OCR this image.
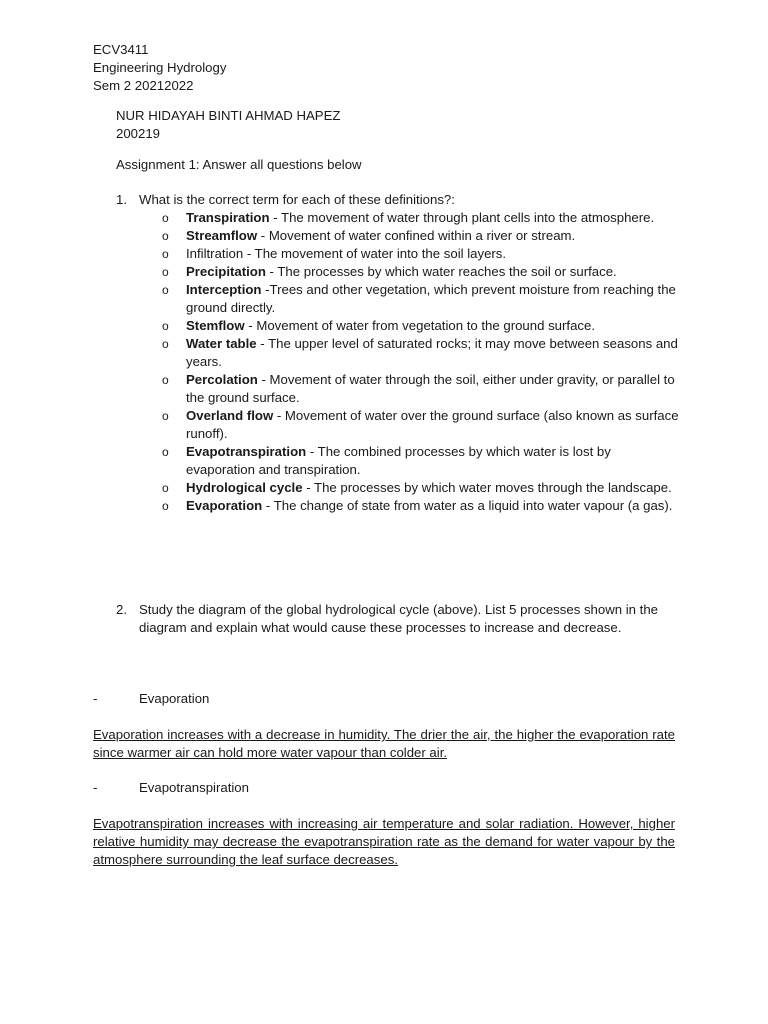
ECV3411
Engineering Hydrology
Sem 2 20212022
NUR HIDAYAH BINTI AHMAD HAPEZ
200219
Assignment 1: Answer all questions below
1. What is the correct term for each of these definitions?:
o Transpiration - The movement of water through plant cells into the atmosphere.
o Streamflow - Movement of water confined within a river or stream.
o Infiltration - The movement of water into the soil layers.
o Precipitation - The processes by which water reaches the soil or surface.
o Interception -Trees and other vegetation, which prevent moisture from reaching the ground directly.
o Stemflow - Movement of water from vegetation to the ground surface.
o Water table - The upper level of saturated rocks; it may move between seasons and years.
o Percolation - Movement of water through the soil, either under gravity, or parallel to the ground surface.
o Overland flow - Movement of water over the ground surface (also known as surface runoff).
o Evapotranspiration - The combined processes by which water is lost by evaporation and transpiration.
o Hydrological cycle - The processes by which water moves through the landscape.
o Evaporation - The change of state from water as a liquid into water vapour (a gas).
2. Study the diagram of the global hydrological cycle (above). List 5 processes shown in the diagram and explain what would cause these processes to increase and decrease.
-	Evaporation
Evaporation increases with a decrease in humidity. The drier the air, the higher the evaporation rate since warmer air can hold more water vapour than colder air.
-	Evapotranspiration
Evapotranspiration increases with increasing air temperature and solar radiation. However, higher relative humidity may decrease the evapotranspiration rate as the demand for water vapour by the atmosphere surrounding the leaf surface decreases.
